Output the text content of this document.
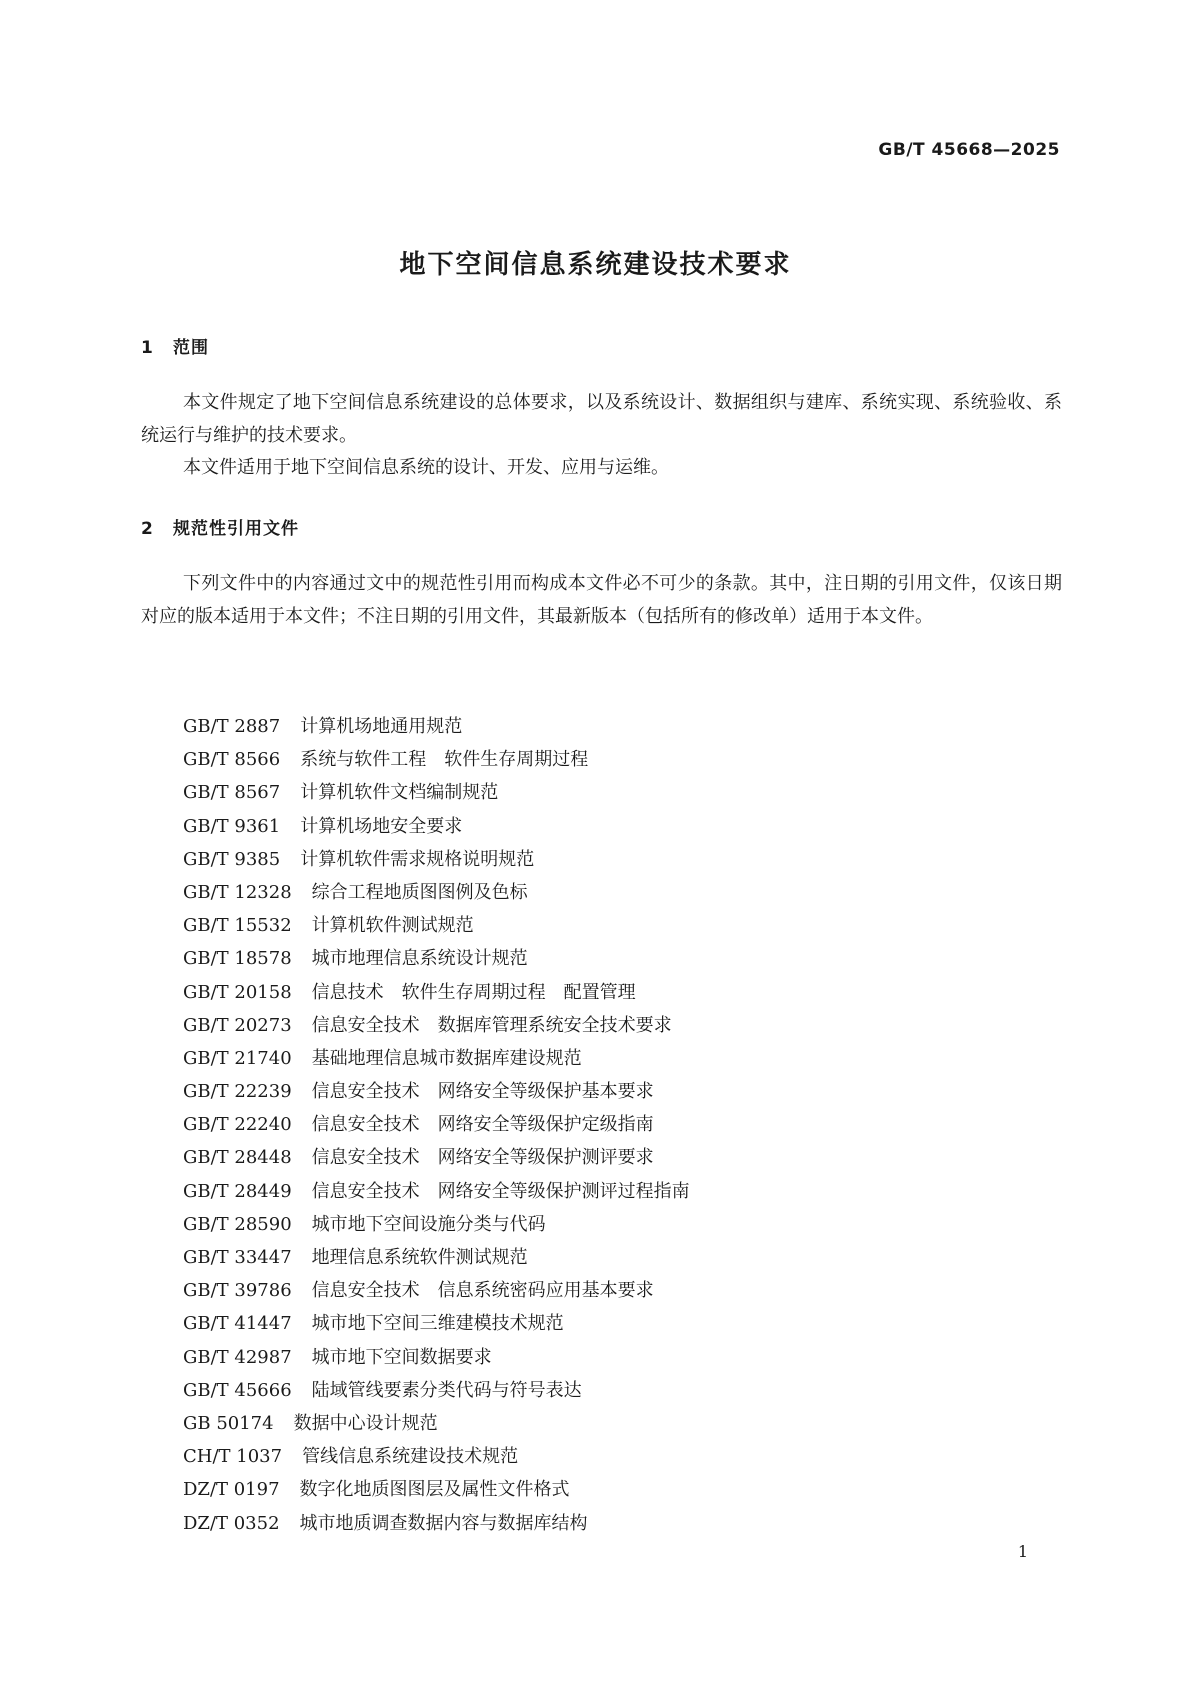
GB/T 45668—2025
地下空间信息系统建设技术要求
1 范围

本文件规定了地下空间信息系统建设的总体要求，以及系统设计、数据组织与建库、系统实现、系统验收、系统运行与维护的技术要求。

本文件适用于地下空间信息系统的设计、开发、应用与运维。

2 规范性引用文件

下列文件中的内容通过文中的规范性引用而构成本文件必不可少的条款。其中，注日期的引用文件，仅该日期对应的版本适用于本文件；不注日期的引用文件，其最新版本（包括所有的修改单）适用于本文件。

GB/T 2887 计算机场地通用规范
GB/T 8566 系统与软件工程　软件生存周期过程
GB/T 8567 计算机软件文档编制规范
GB/T 9361 计算机场地安全要求
GB/T 9385 计算机软件需求规格说明规范
GB/T 12328 综合工程地质图图例及色标
GB/T 15532 计算机软件测试规范
GB/T 18578 城市地理信息系统设计规范
GB/T 20158 信息技术　软件生存周期过程　配置管理
GB/T 20273 信息安全技术　数据库管理系统安全技术要求
GB/T 21740 基础地理信息城市数据库建设规范
GB/T 22239 信息安全技术　网络安全等级保护基本要求
GB/T 22240 信息安全技术　网络安全等级保护定级指南
GB/T 28448 信息安全技术　网络安全等级保护测评要求
GB/T 28449 信息安全技术　网络安全等级保护测评过程指南
GB/T 28590 城市地下空间设施分类与代码
GB/T 33447 地理信息系统软件测试规范
GB/T 39786 信息安全技术　信息系统密码应用基本要求
GB/T 41447 城市地下空间三维建模技术规范
GB/T 42987 城市地下空间数据要求
GB/T 45666 陆域管线要素分类代码与符号表达
GB 50174 数据中心设计规范
CH/T 1037 管线信息系统建设技术规范
DZ/T 0197 数字化地质图图层及属性文件格式
DZ/T 0352 城市地质调查数据内容与数据库结构
1
